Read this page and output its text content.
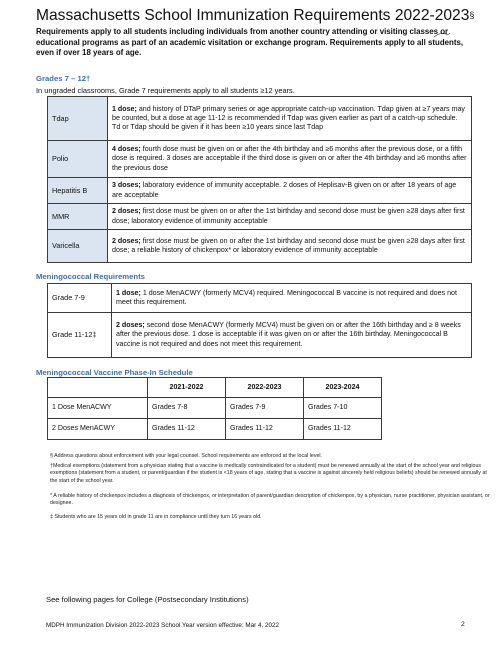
Massachusetts School Immunization Requirements 2022-2023§
Requirements apply to all students including individuals from another country attending or visiting classes or educational programs as part of an academic visitation or exchange program. Requirements apply to all students, even if over 18 years of age.
Grades 7 – 12†
In ungraded classrooms, Grade 7 requirements apply to all students ≥12 years.
Tdap	1 dose; and history of DTaP primary series or age appropriate catch-up vaccination. Tdap given at ≥7 years may be counted, but a dose at age 11-12 is recommended if Tdap was given earlier as part of a catch-up schedule. Td or Tdap should be given if it has been ≥10 years since last Tdap
Polio	4 doses; fourth dose must be given on or after the 4th birthday and ≥6 months after the previous dose, or a fifth dose is required. 3 doses are acceptable if the third dose is given on or after the 4th birthday and ≥6 months after the previous dose
Hepatitis B	3 doses; laboratory evidence of immunity acceptable. 2 doses of Heplisav-B given on or after 18 years of age are acceptable
MMR	2 doses; first dose must be given on or after the 1st birthday and second dose must be given ≥28 days after first dose; laboratory evidence of immunity acceptable
Varicella	2 doses; first dose must be given on or after the 1st birthday and second dose must be given ≥28 days after first dose; a reliable history of chickenpox* or laboratory evidence of immunity acceptable
Meningococcal Requirements
Grade 7-9	1 dose; 1 dose MenACWY (formerly MCV4) required. Meningococcal B vaccine is not required and does not meet this requirement.
Grade 11-12‡	2 doses; second dose MenACWY (formerly MCV4) must be given on or after the 16th birthday and ≥ 8 weeks after the previous dose. 1 dose is acceptable if it was given on or after the 16th birthday. Meningococcal B vaccine is not required and does not meet this requirement.
Meningococcal Vaccine Phase-In Schedule
	2021-2022	2022-2023	2023-2024
1 Dose MenACWY	Grades 7-8	Grades 7-9	Grades 7-10
2 Doses MenACWY	Grades 11-12	Grades 11-12	Grades 11-12
§ Address questions about enforcement with your legal counsel. School requirements are enforced at the local level.
†Medical exemptions (statement from a physician stating that a vaccine is medically contraindicated for a student) must be renewed annually at the start of the school year and religious exemptions (statement from a student, or parent/guardian if the student is <18 years of age, stating that a vaccine is against sincerely held religious beliefs) should be renewed annually at the start of the school year.
* A reliable history of chickenpox includes a diagnosis of chickenpox, or interpretation of parent/guardian description of chickenpox, by a physician, nurse practitioner, physician assistant, or designee.
‡ Students who are 15 years old in grade 11 are in compliance until they turn 16 years old.
See following pages for College (Postsecondary Institutions)
MDPH Immunization Division 2022-2023 School Year version effective: Mar 4, 2022	2
